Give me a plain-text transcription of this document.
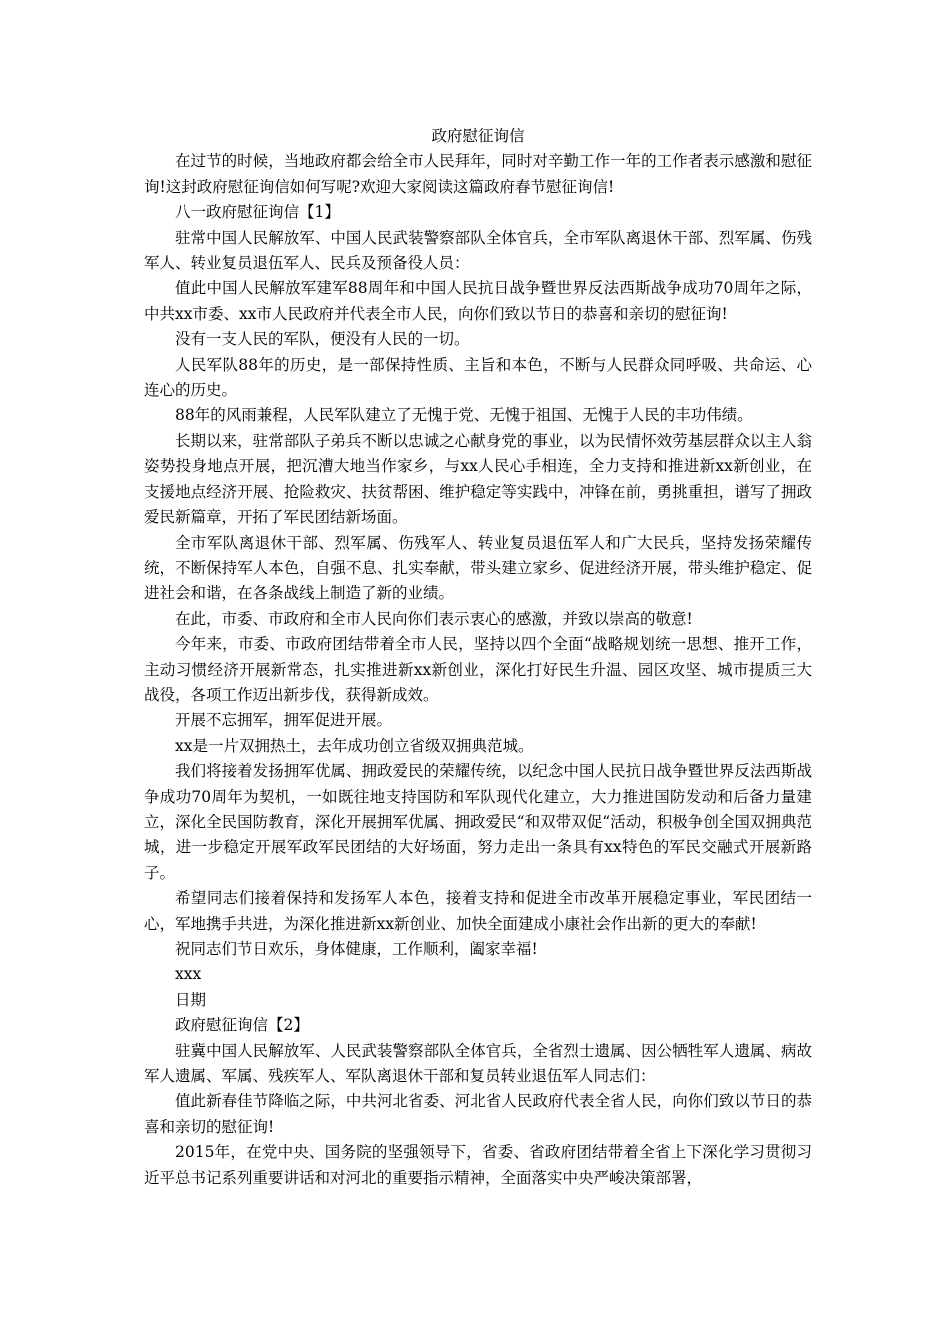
政府慰征询信

在过节的时候，当地政府都会给全市人民拜年，同时对辛勤工作一年的工作者表示感激和慰征询!这封政府慰征询信如何写呢?欢迎大家阅读这篇政府春节慰征询信!

八一政府慰征询信【1】

驻常中国人民解放军、中国人民武装警察部队全体官兵，全市军队离退休干部、烈军属、伤残军人、转业复员退伍军人、民兵及预备役人员：

值此中国人民解放军建军88周年和中国人民抗日战争暨世界反法西斯战争成功70周年之际，中共xx市委、xx市人民政府并代表全市人民，向你们致以节日的恭喜和亲切的慰征询!

没有一支人民的军队，便没有人民的一切。

人民军队88年的历史，是一部保持性质、主旨和本色，不断与人民群众同呼吸、共命运、心连心的历史。

88年的风雨兼程，人民军队建立了无愧于党、无愧于祖国、无愧于人民的丰功伟绩。

长期以来，驻常部队子弟兵不断以忠诚之心献身党的事业，以为民情怀效劳基层群众以主人翁姿势投身地点开展，把沉漕大地当作家乡，与xx人民心手相连，全力支持和推进新xx新创业，在支援地点经济开展、抢险救灾、扶贫帮困、维护稳定等实践中，冲锋在前，勇挑重担，谱写了拥政爱民新篇章，开拓了军民团结新场面。

全市军队离退休干部、烈军属、伤残军人、转业复员退伍军人和广大民兵，坚持发扬荣耀传统，不断保持军人本色，自强不息、扎实奉献，带头建立家乡、促进经济开展，带头维护稳定、促进社会和谐，在各条战线上制造了新的业绩。

在此，市委、市政府和全市人民向你们表示衷心的感激，并致以崇高的敬意!

今年来，市委、市政府团结带着全市人民，坚持以四个全面“战略规划统一思想、推开工作，主动习惯经济开展新常态，扎实推进新xx新创业，深化打好民生升温、园区攻坚、城市提质三大战役，各项工作迈出新步伐，获得新成效。

开展不忘拥军，拥军促进开展。

xx是一片双拥热土，去年成功创立省级双拥典范城。

我们将接着发扬拥军优属、拥政爱民的荣耀传统，以纪念中国人民抗日战争暨世界反法西斯战争成功70周年为契机，一如既往地支持国防和军队现代化建立，大力推进国防发动和后备力量建立，深化全民国防教育，深化开展拥军优属、拥政爱民“和双带双促“活动，积极争创全国双拥典范城，进一步稳定开展军政军民团结的大好场面，努力走出一条具有xx特色的军民交融式开展新路子。

希望同志们接着保持和发扬军人本色，接着支持和促进全市改革开展稳定事业，军民团结一心，军地携手共进，为深化推进新xx新创业、加快全面建成小康社会作出新的更大的奉献!

祝同志们节日欢乐，身体健康，工作顺利，阖家幸福!

xxx

日期

政府慰征询信【2】

驻冀中国人民解放军、人民武装警察部队全体官兵，全省烈士遗属、因公牺牲军人遗属、病故军人遗属、军属、残疾军人、军队离退休干部和复员转业退伍军人同志们：

值此新春佳节降临之际，中共河北省委、河北省人民政府代表全省人民，向你们致以节日的恭喜和亲切的慰征询!

2015年，在党中央、国务院的坚强领导下，省委、省政府团结带着全省上下深化学习贯彻习近平总书记系列重要讲话和对河北的重要指示精神，全面落实中央严峻决策部署，
